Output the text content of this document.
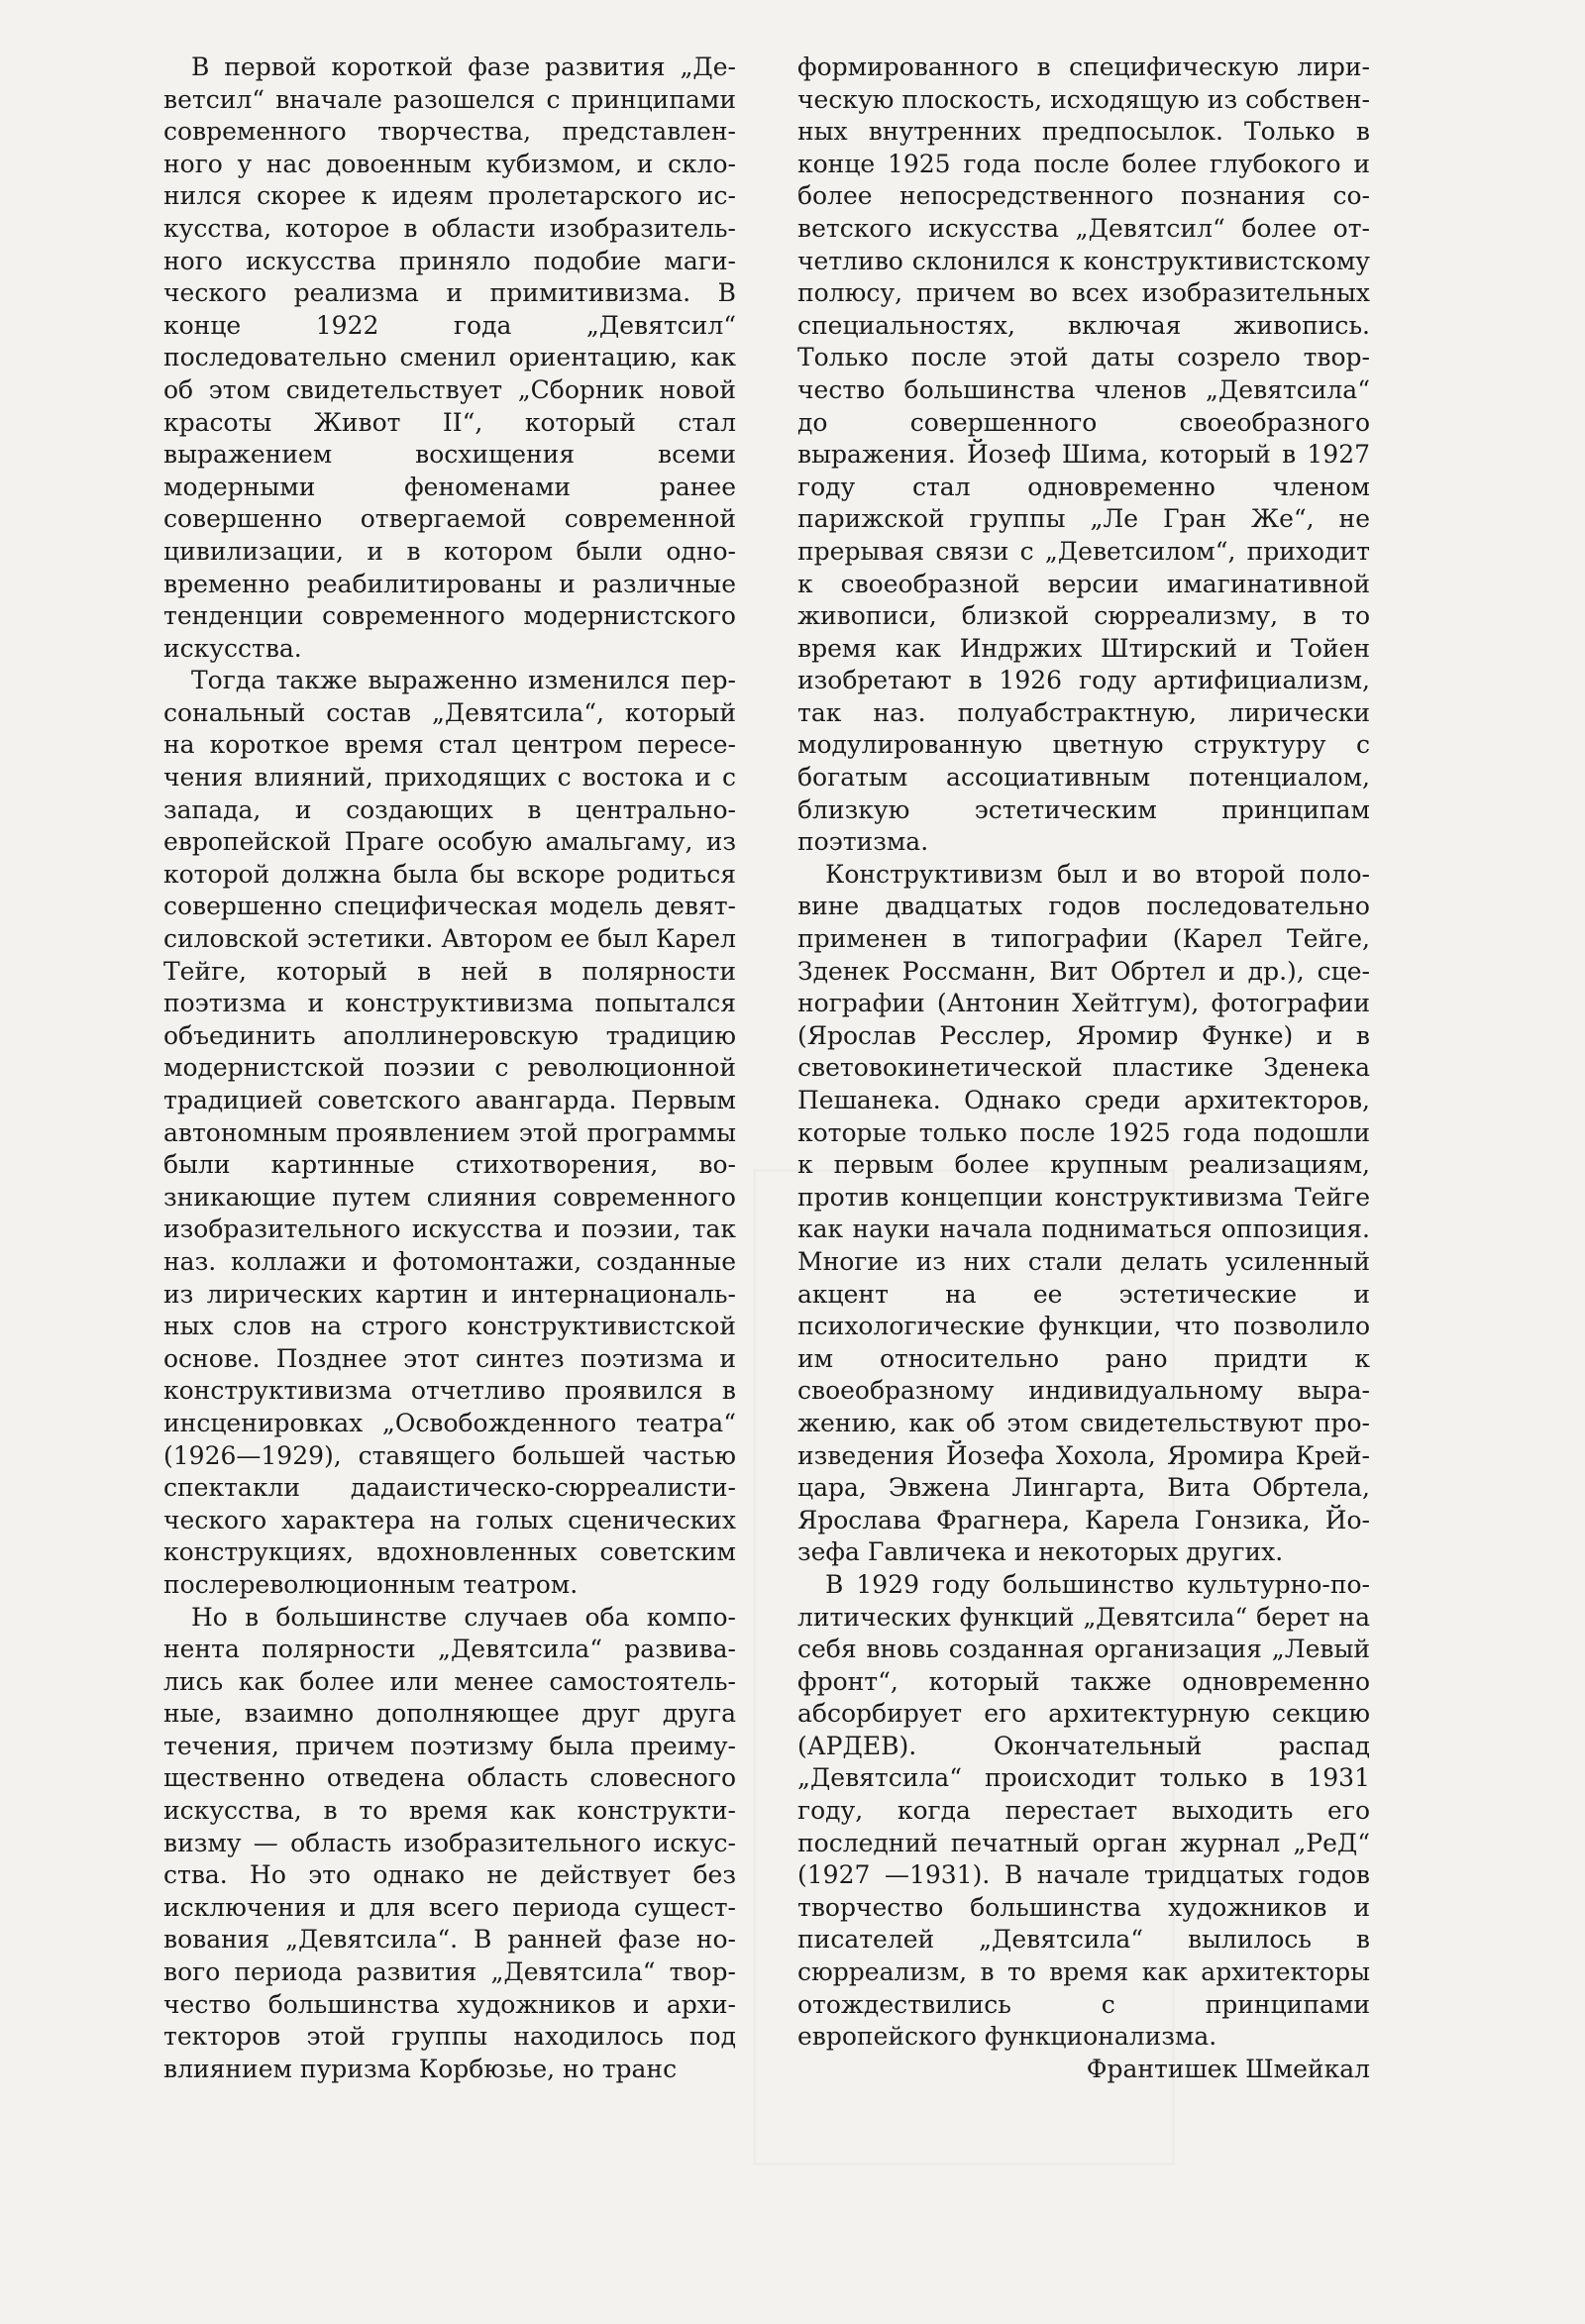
В первой короткой фазе развития „Деветсил“ вначале разошелся с принципами современного творчества, представленного у нас довоенным кубизмом, и склонился скорее к идеям пролетарского искусства, которое в области изобразительного искусства приняло подобие магического реализма и примитивизма. В конце 1922 года „Девятсил“ последовательно сменил ориентацию, как об этом свидетельствует „Сборник новой красоты Живот II“, который стал выражением восхищения всеми модерными феноменами ранее совершенно отвергаемой современной цивилизации, и в котором были одновременно реабилитированы и различные тенденции современного модернистского искусства.

Тогда также выраженно изменился персональный состав „Девятсила“, который на короткое время стал центром пересечения влияний, приходящих с востока и с запада, и создающих в центральноевропейской Праге особую амальгаму, из которой должна была бы вскоре родиться совершенно специфическая модель девятсиловской эстетики. Автором ее был Карел Тейге, который в ней в полярности поэтизма и конструктивизма попытался объединить аполлинеровскую традицию модернистской поэзии с революционной традицией советского авангарда. Первым автономным проявлением этой программы были картинные стихотворения, возникающие путем слияния современного изобразительного искусства и поэзии, так наз. коллажи и фотомонтажи, созданные из лирических картин и интернациональных слов на строго конструктивистской основе. Позднее этот синтез поэтизма и конструктивизма отчетливо проявился в инсценировках „Освобожденного театра“ (1926—1929), ставящего большей частью спектакли дадаистическо-сюрреалистического характера на голых сценических конструкциях, вдохновленных советским послереволюционным театром.

Но в большинстве случаев оба компонента полярности „Девятсила“ развивались как более или менее самостоятельные, взаимно дополняющее друг друга течения, причем поэтизму была преимущественно отведена область словесного искусства, в то время как конструктивизму — область изобразительного искусства. Но это однако не действует без исключения и для всего периода существования „Девятсила“. В ранней фазе нового периода развития „Девятсила“ творчество большинства художников и архитекторов этой группы находилось под влиянием пуризма Корбюзье, но транс

формированного в специфическую лирическую плоскость, исходящую из собственных внутренних предпосылок. Только в конце 1925 года после более глубокого и более непосредственного познания советского искусства „Девятсил“ более отчетливо склонился к конструктивистскому полюсу, причем во всех изобразительных специальностях, включая живопись. Только после этой даты созрело творчество большинства членов „Девятсила“ до совершенного своеобразного выражения. Йозеф Шима, который в 1927 году стал одновременно членом парижской группы „Ле Гран Же“, не прерывая связи с „Деветсилом“, приходит к своеобразной версии имагинативной живописи, близкой сюрреализму, в то время как Индржих Штирский и Тойен изобретают в 1926 году артифициализм, так наз. полуабстрактную, лирически модулированную цветную структуру с богатым ассоциативным потенциалом, близкую эстетическим принципам поэтизма.

Конструктивизм был и во второй половине двадцатых годов последовательно применен в типографии (Карел Тейге, Зденек Россманн, Вит Обртел и др.), сценографии (Антонин Хейтгум), фотографии (Ярослав Ресслер, Яромир Функе) и в световокинетической пластике Зденека Пешанека. Однако среди архитекторов, которые только после 1925 года подошли к первым более крупным реализациям, против концепции конструктивизма Тейге как науки начала подниматься оппозиция. Многие из них стали делать усиленный акцент на ее эстетические и психологические функции, что позволило им относительно рано придти к своеобразному индивидуальному выражению, как об этом свидетельствуют произведения Йозефа Хохола, Яромира Крейцара, Эвжена Лингарта, Вита Обртела, Ярослава Фрагнера, Карела Гонзика, Йозефа Гавличека и некоторых других.

В 1929 году большинство культурно-политических функций „Девятсила“ берет на себя вновь созданная организация „Левый фронт“, который также одновременно абсорбирует его архитектурную секцию (АРДЕВ). Окончательный распад „Девятсила“ происходит только в 1931 году, когда перестает выходить его последний печатный орган журнал „РеД“ (1927 —1931). В начале тридцатых годов творчество большинства художников и писателей „Девятсила“ вылилось в сюрреализм, в то время как архитекторы отождествились с принципами европейского функционализма.

Франтишек Шмейкал
